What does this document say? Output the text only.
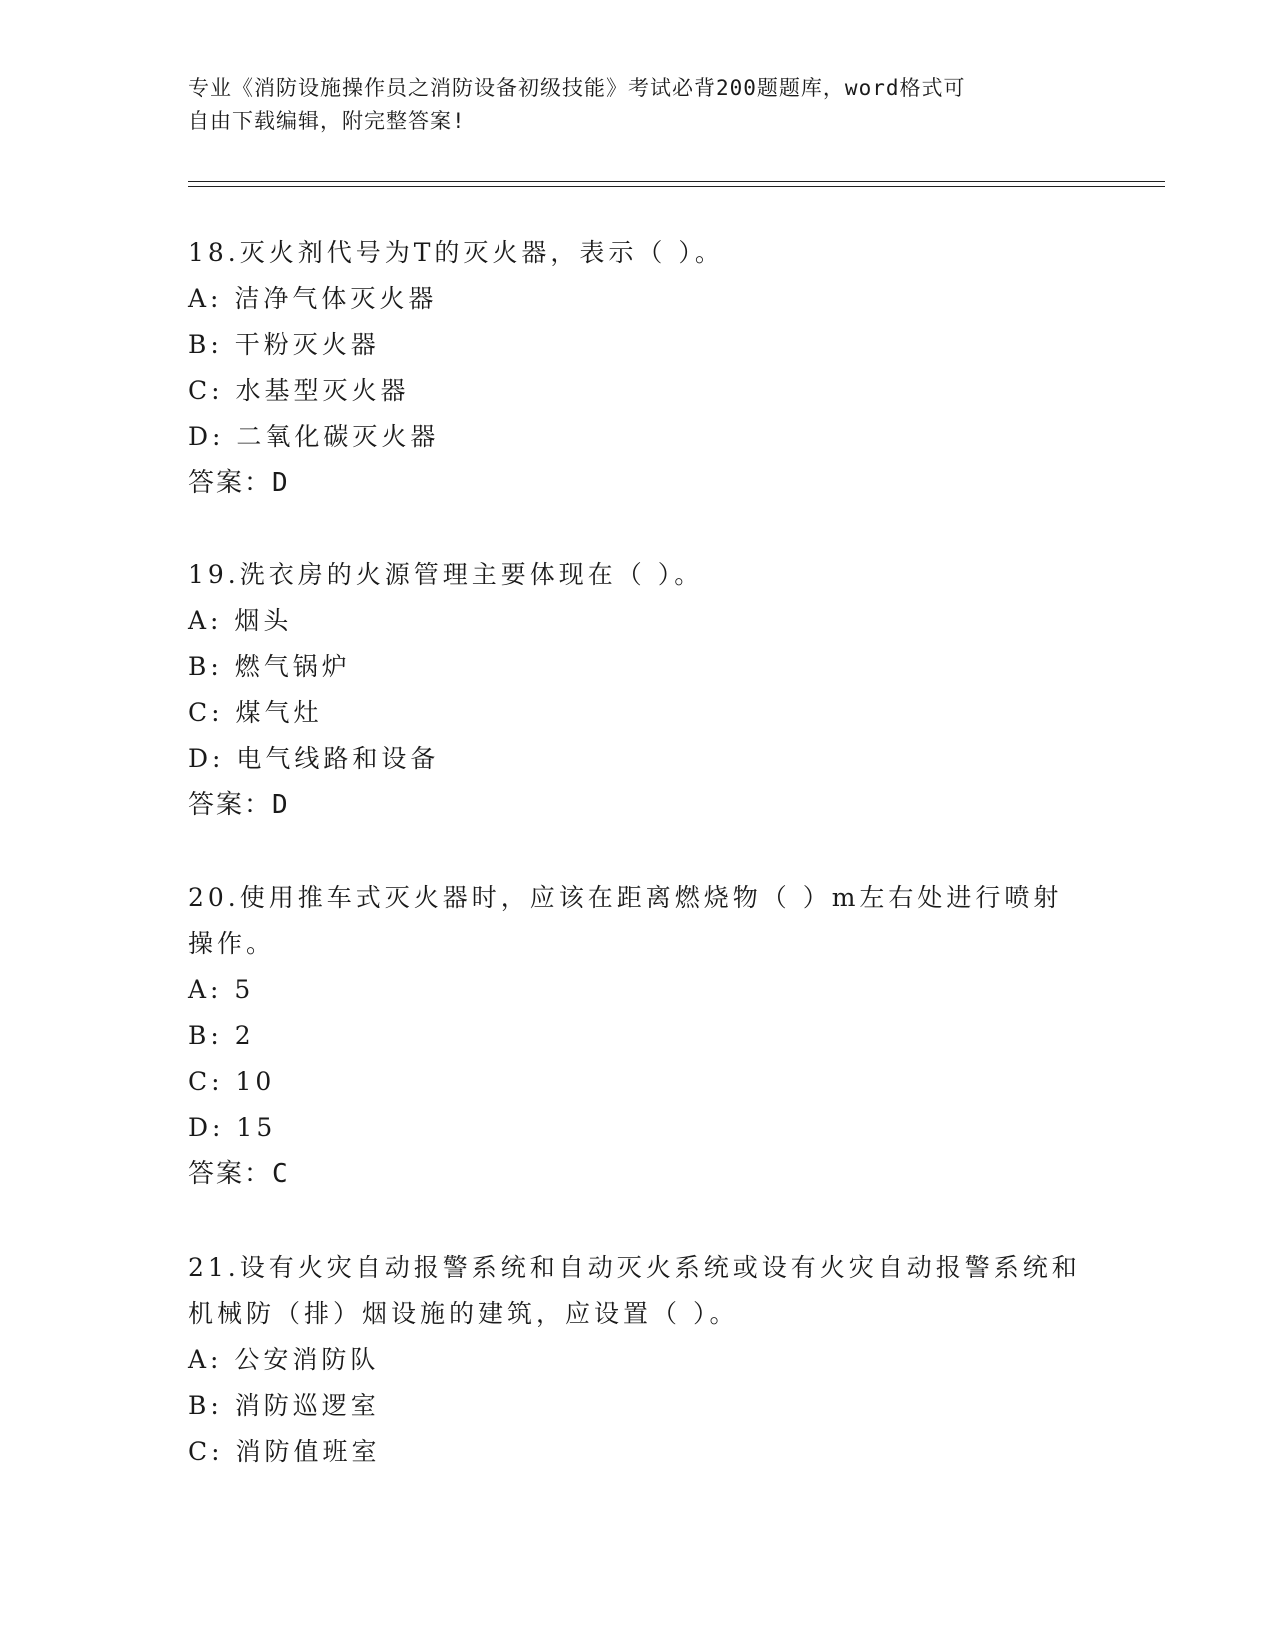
专业《消防设施操作员之消防设备初级技能》考试必背200题题库，word格式可
自由下载编辑，附完整答案!
18.灭火剂代号为T的灭火器，表示（ ）。
A: 洁净气体灭火器
B: 干粉灭火器
C: 水基型灭火器
D: 二氧化碳灭火器
答案：D
19.洗衣房的火源管理主要体现在（ ）。
A: 烟头
B: 燃气锅炉
C: 煤气灶
D: 电气线路和设备
答案：D
20.使用推车式灭火器时，应该在距离燃烧物（ ）m左右处进行喷射
操作。
A: 5
B: 2
C: 10
D: 15
答案：C
21.设有火灾自动报警系统和自动灭火系统或设有火灾自动报警系统和
机械防（排）烟设施的建筑，应设置（ ）。
A: 公安消防队
B: 消防巡逻室
C: 消防值班室
